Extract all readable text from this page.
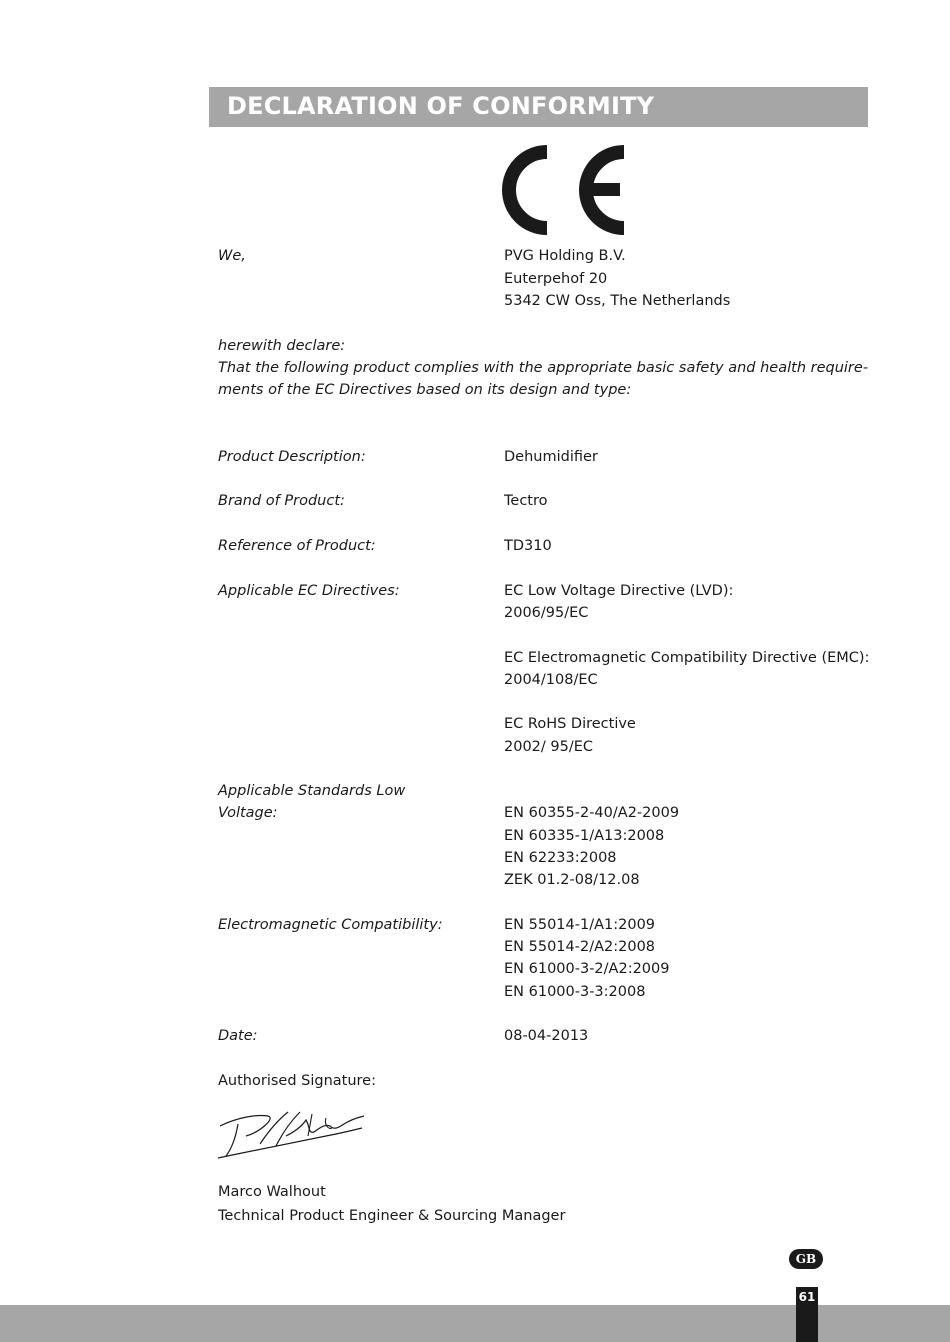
DECLARATION OF CONFORMITY
We,	PVG Holding B.V.
Euterpehof 20
5342 CW Oss, The Netherlands
herewith declare:
That the following product complies with the appropriate basic safety and health require-
ments of the EC Directives based on its design and type:
Product Description:	Dehumidifier
Brand of Product:	Tectro
Reference of Product:	TD310
Applicable EC Directives:	EC Low Voltage Directive (LVD):
2006/95/EC
EC Electromagnetic Compatibility Directive (EMC):
2004/108/EC
EC RoHS Directive
2002/ 95/EC
Applicable Standards Low
Voltage:	EN 60355-2-40/A2-2009
EN 60335-1/A13:2008
EN 62233:2008
ZEK 01.2-08/12.08
Electromagnetic Compatibility:	EN 55014-1/A1:2009
EN 55014-2/A2:2008
EN 61000-3-2/A2:2009
EN 61000-3-3:2008
Date:	08-04-2013
Authorised Signature:
Marco Walhout
Technical Product Engineer & Sourcing Manager
GB
61
